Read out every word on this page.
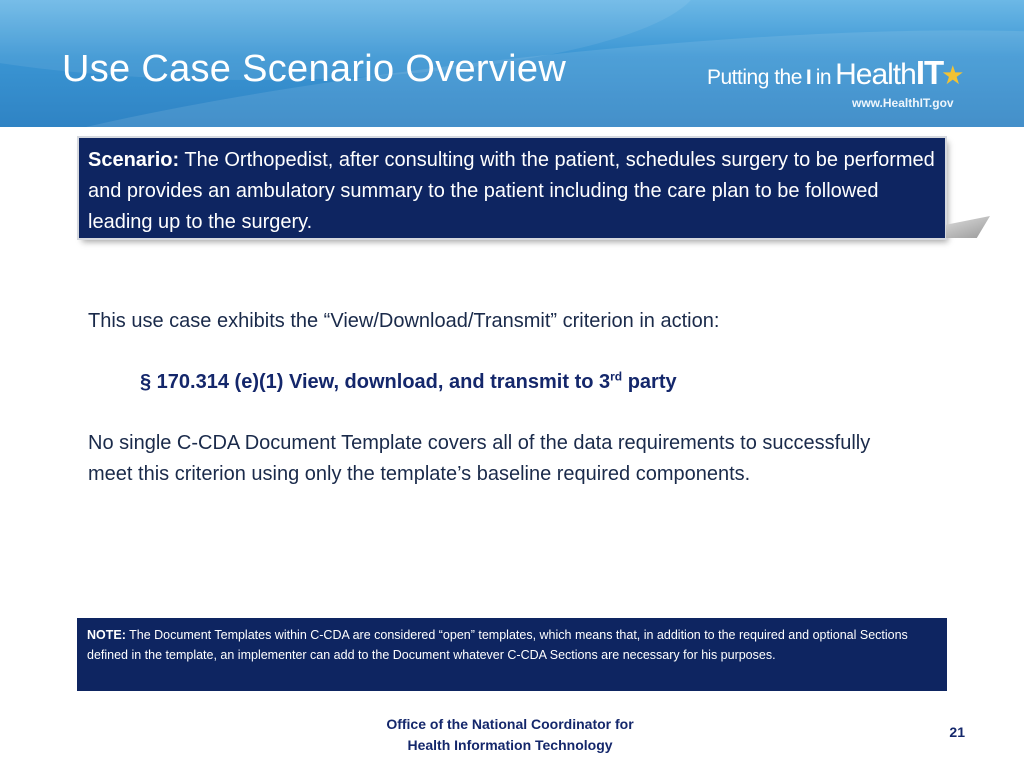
Use Case Scenario Overview	Putting the I in Health IT
★
www.HealthIT.gov
Scenario: The Orthopedist, after consulting with the patient, schedules surgery to be performed and provides an ambulatory summary to the patient including the care plan to be followed leading up to the surgery.
This use case exhibits the “View/Download/Transmit” criterion in action:
§ 170.314 (e)(1) View, download, and transmit to 3rd party
No single C-CDA Document Template covers all of the data requirements to successfully meet this criterion using only the template’s baseline required components.
NOTE: The Document Templates within C-CDA are considered “open” templates, which means that, in addition to the required and optional Sections defined in the template, an implementer can add to the Document whatever C-CDA Sections are necessary for his purposes.
Office of the National Coordinator for
Health Information Technology
21
